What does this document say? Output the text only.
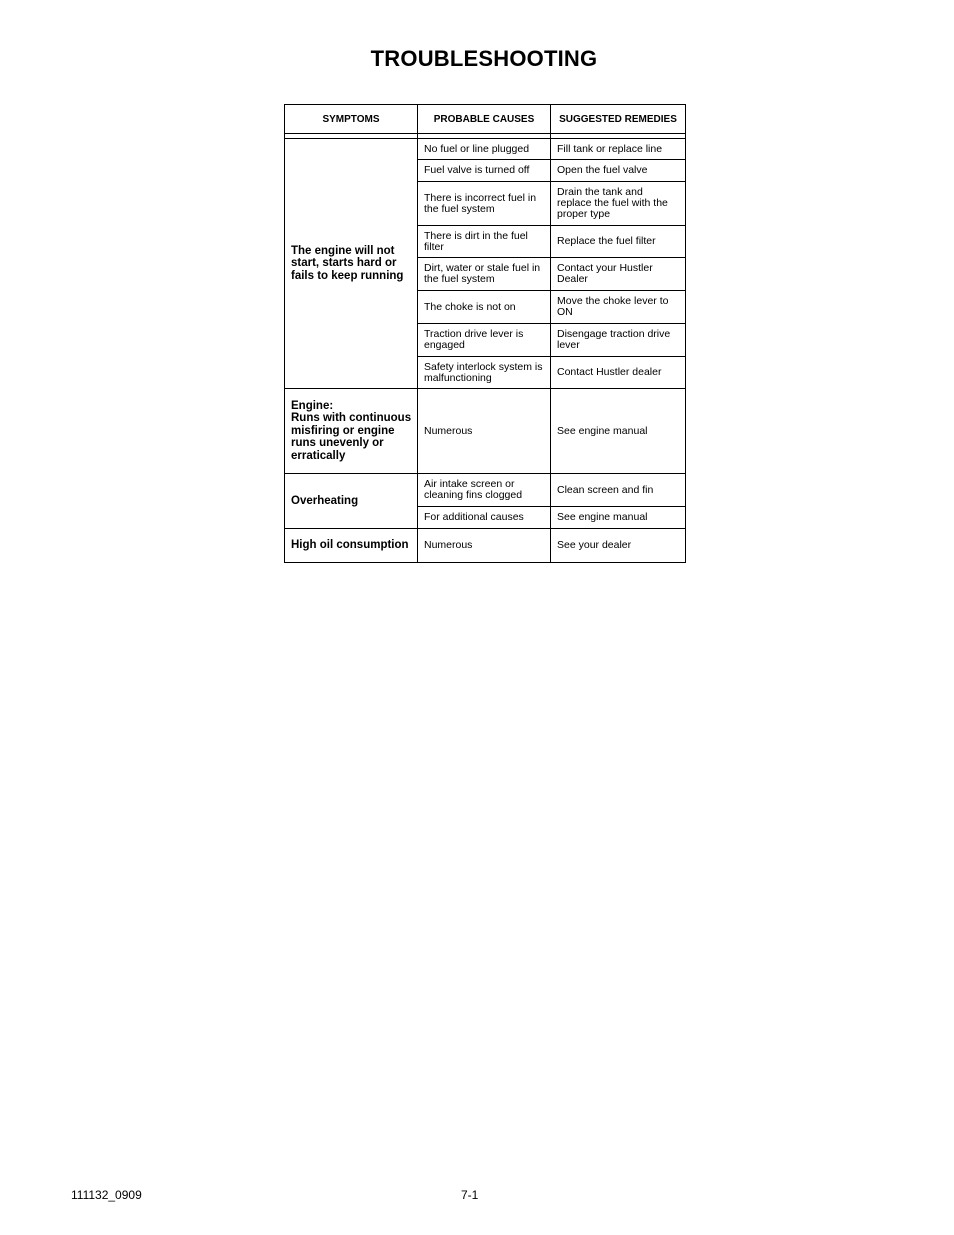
TROUBLESHOOTING
SYMPTOMS	PROBABLE CAUSES	SUGGESTED REMEDIES

The engine will not start, starts hard or fails to keep running	No fuel or line plugged	Fill tank or replace line
	Fuel valve is turned off	Open the fuel valve
	There is incorrect fuel in the fuel system	Drain the tank and replace the fuel with the proper type
	There is dirt in the fuel filter	Replace the fuel filter
	Dirt, water or stale fuel in the fuel system	Contact your Hustler Dealer
	The choke is not on	Move the choke lever to ON
	Traction drive lever is engaged	Disengage traction drive lever
	Safety interlock system is malfunctioning	Contact Hustler dealer

Engine:
Runs with continuous misfiring or engine runs unevenly or erratically	Numerous	See engine manual
Overheating	Air intake screen or cleaning fins clogged	Clean screen and fin
	For additional causes	See engine manual
High oil consumption	Numerous	See your dealer
111132_0909	7-1
